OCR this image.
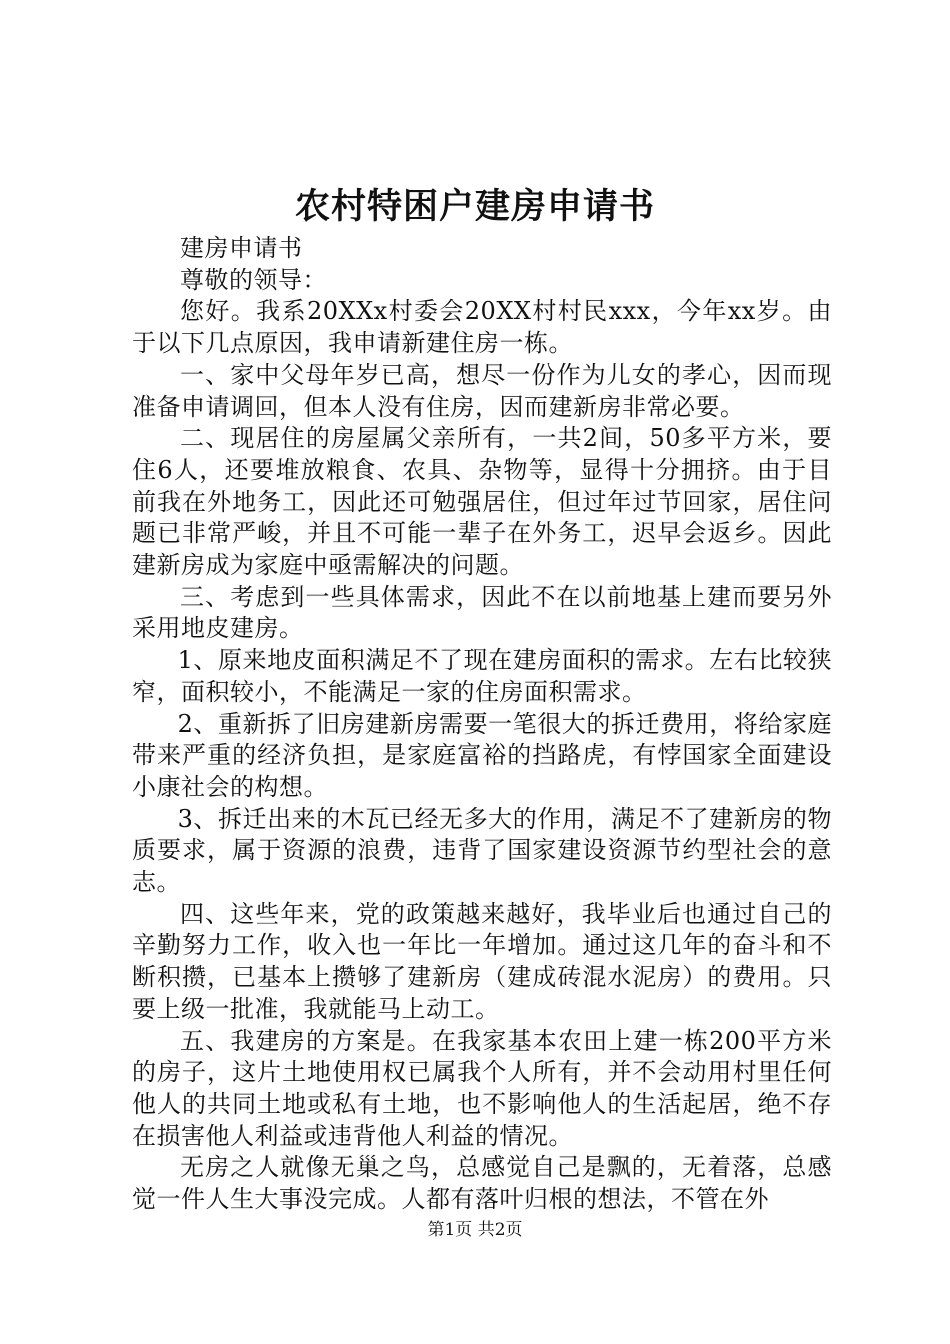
农村特困户建房申请书

建房申请书

尊敬的领导：

您好。我系20XXx村委会20XX村村民xxx，今年xx岁。由于以下几点原因，我申请新建住房一栋。

一、家中父母年岁已高，想尽一份作为儿女的孝心，因而现准备申请调回，但本人没有住房，因而建新房非常必要。

二、现居住的房屋属父亲所有，一共2间，50多平方米，要住6人，还要堆放粮食、农具、杂物等，显得十分拥挤。由于目前我在外地务工，因此还可勉强居住，但过年过节回家，居住问题已非常严峻，并且不可能一辈子在外务工，迟早会返乡。因此建新房成为家庭中亟需解决的问题。

三、考虑到一些具体需求，因此不在以前地基上建而要另外采用地皮建房。

1、原来地皮面积满足不了现在建房面积的需求。左右比较狭窄，面积较小，不能满足一家的住房面积需求。

2、重新拆了旧房建新房需要一笔很大的拆迁费用，将给家庭带来严重的经济负担，是家庭富裕的挡路虎，有悖国家全面建设小康社会的构想。

3、拆迁出来的木瓦已经无多大的作用，满足不了建新房的物质要求，属于资源的浪费，违背了国家建设资源节约型社会的意志。

四、这些年来，党的政策越来越好，我毕业后也通过自己的辛勤努力工作，收入也一年比一年增加。通过这几年的奋斗和不断积攒，已基本上攒够了建新房（建成砖混水泥房）的费用。只要上级一批准，我就能马上动工。

五、我建房的方案是。在我家基本农田上建一栋200平方米的房子，这片土地使用权已属我个人所有，并不会动用村里任何他人的共同土地或私有土地，也不影响他人的生活起居，绝不存在损害他人利益或违背他人利益的情况。

无房之人就像无巢之鸟，总感觉自己是飘的，无着落，总感觉一件人生大事没完成。人都有落叶归根的想法，不管在外

第1页 共2页
